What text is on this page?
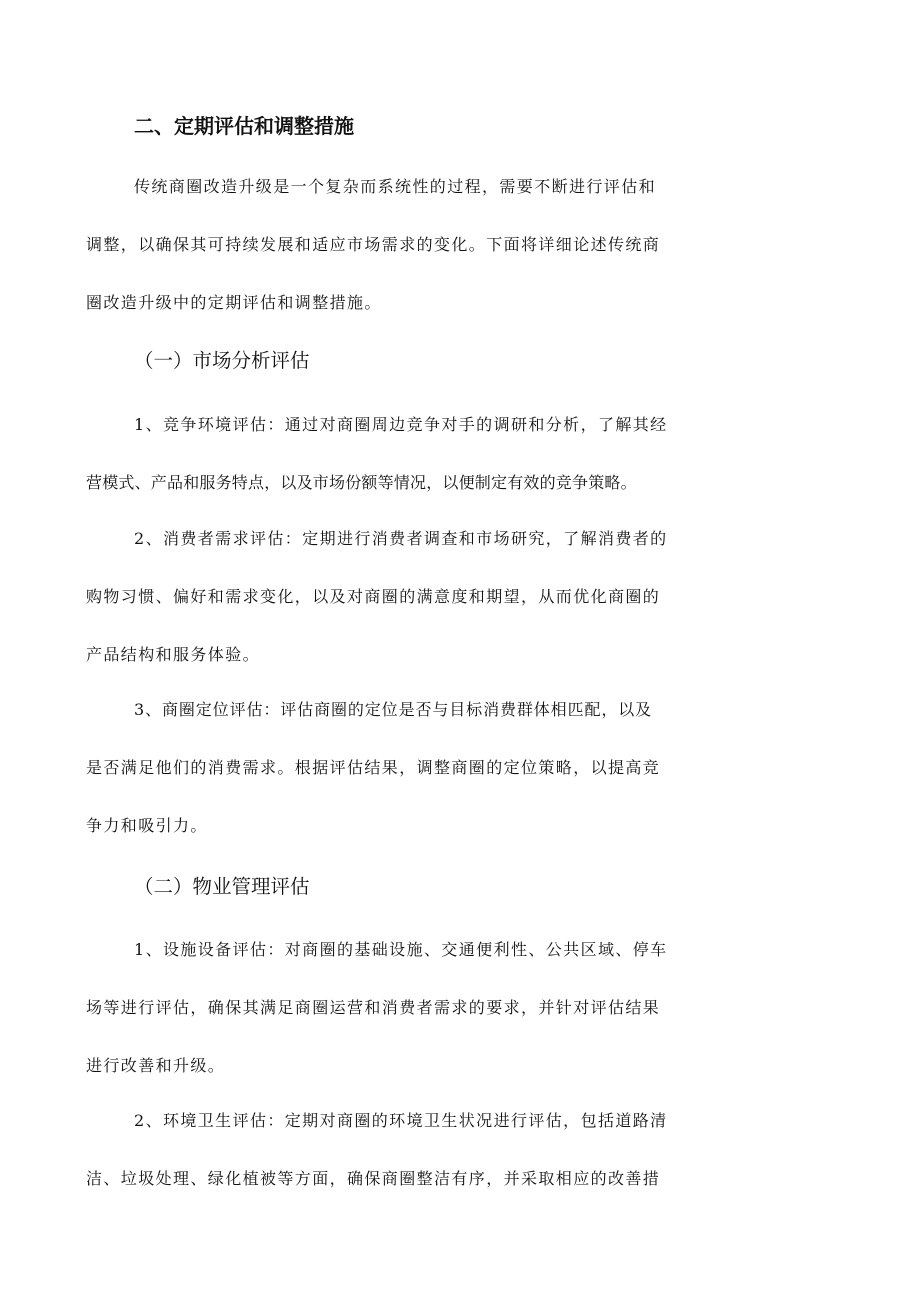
二、定期评估和调整措施
传统商圈改造升级是一个复杂而系统性的过程，需要不断进行评估和
调整，以确保其可持续发展和适应市场需求的变化。下面将详细论述传统商
圈改造升级中的定期评估和调整措施。
（一）市场分析评估
1、竞争环境评估：通过对商圈周边竞争对手的调研和分析，了解其经
营模式、产品和服务特点，以及市场份额等情况，以便制定有效的竞争策略。
2、消费者需求评估：定期进行消费者调查和市场研究，了解消费者的
购物习惯、偏好和需求变化，以及对商圈的满意度和期望，从而优化商圈的
产品结构和服务体验。
3、商圈定位评估：评估商圈的定位是否与目标消费群体相匹配，以及
是否满足他们的消费需求。根据评估结果，调整商圈的定位策略，以提高竞
争力和吸引力。
（二）物业管理评估
1、设施设备评估：对商圈的基础设施、交通便利性、公共区域、停车
场等进行评估，确保其满足商圈运营和消费者需求的要求，并针对评估结果
进行改善和升级。
2、环境卫生评估：定期对商圈的环境卫生状况进行评估，包括道路清
洁、垃圾处理、绿化植被等方面，确保商圈整洁有序，并采取相应的改善措
